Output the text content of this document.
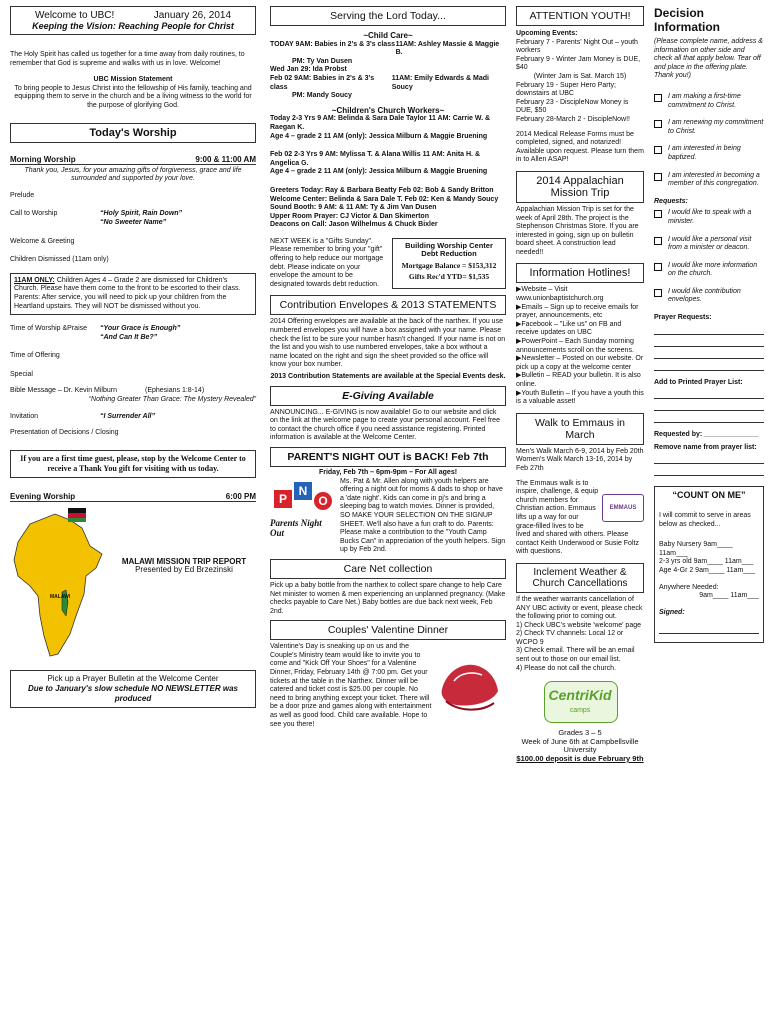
Welcome to UBC!	January 26, 2014
Keeping the Vision: Reaching People for Christ

The Holy Spirit has called us together for a time away from daily routines, to remember that God is supreme and walks with us in love. Welcome!

UBC Mission Statement

To bring people to Jesus Christ into the fellowship of His family, teaching and equipping them to serve in the church and be a living witness to the world for the purpose of glorifying God.

Today's Worship
Morning Worship	9:00 & 11:00 AM

Thank you, Jesus, for your amazing gifts of forgiveness, grace and life surrounded and supported by your love.

Prelude

Call to Worship	“Holy Spirit, Rain Down”

“No Sweeter Name”

Welcome & Greeting

Children Dismissed (11am only)

11AM ONLY: Children Ages 4 – Grade 2 are dismissed for Children's Church. Please have them come to the front to be escorted to their class. Parents: After service, you will need to pick up your children from the Heartland upstairs. They will NOT be dismissed without you.

Time of Worship &Praise	“Your Grace is Enough”

“And Can It Be?”

Time of Offering

Special

Bible Message – Dr. Kevin Milburn	(Ephesians 1:8-14)

“Nothing Greater Than Grace: The Mystery Revealed”

Invitation	“I Surrender All”

Presentation of Decisions / Closing

If you are a first time guest, please, stop by the Welcome Center to receive a Thank You gift for visiting with us today.

Evening Worship	6:00 PM
MALAWI

MALAWI MISSION TRIP REPORT

Presented by Ed Brzezinski

Pick up a Prayer Bulletin at the Welcome Center

Due to January's slow schedule NO NEWSLETTER was produced

Serving the Lord Today...

~Child Care~

TODAY 9AM: Babies in 2's & 3's class 11AM: Ashley Massie & Maggie B.
PM: Ty Van Dusen
Wed Jan 29: Ida Probst
Feb 02 9AM: Babies in 2's & 3's class
11AM: Emily Edwards & Madi Soucy
PM: Mandy Soucy

~Children's Church Workers~

Today 2-3 Yrs 9 AM: Belinda & Sara Dale Taylor 11 AM: Carrie W. & Raegan K.

Age 4 – grade 2 11 AM (only): Jessica Milburn & Maggie Bruening

Feb 02 2-3 Yrs 9 AM: Mylissa T. & Alana Willis 11 AM: Anita H. & Angelica G.

Age 4 – grade 2 11 AM (only): Jessica Milburn & Maggie Bruening

Greeters Today: Ray & Barbara Beatty Feb 02: Bob & Sandy Britton

Welcome Center: Belinda & Sara Dale T. Feb 02: Ken & Mandy Soucy

Sound Booth: 9 AM: & 11 AM: Ty & Jim Van Dusen

Upper Room Prayer: CJ Victor & Dan Skimerton

Deacons on Call: Jason Wilhelmus & Chuck Bixler

NEXT WEEK is a "Gifts Sunday". Please remember to bring your "gift" offering to help reduce our mortgage debt. Please indicate on your envelope the amount to be designated towards debt reduction.

Building Worship Center Debt Reduction

Mortgage Balance = $153,312

Gifts Rec'd YTD= $1,535

Contribution Envelopes & 2013 STATEMENTS

2014 Offering envelopes are available at the back of the narthex. If you use numbered envelopes you will have a box assigned with your name. Please check the list to be sure your number hasn't changed. If your name is not on the list and you wish to use numbered envelopes, take a box without a name located on the right and sign the sheet provided so the office will know your box number.

2013 Contribution Statements are available at the Special Events desk.

E-Giving Available

ANNOUNCING... E-GIVING is now available! Go to our website and click on the link at the welcome page to create your personal account. Feel free to contact the church office if you need assistance registering. Printed information is available at the Welcome Center.

PARENT'S NIGHT OUT is BACK! Feb 7th

Friday, Feb 7th – 6pm-9pm – For All ages!

P
N
O
Parents Night Out

Ms. Pat & Mr. Allen along with youth helpers are offering a night out for moms & dads to shop or have a 'date night'. Kids can come in pj's and bring a sleeping bag to watch movies. Dinner is provided, SO MAKE YOUR SELECTION ON THE SIGNUP SHEET. We'll also have a fun craft to do. Parents: Please make a contribution to the "Youth Camp Bucks Can" in appreciation of the youth helpers. Sign up by Feb 2nd.

Care Net collection

Pick up a baby bottle from the narthex to collect spare change to help Care Net minister to women & men experiencing an unplanned pregnancy. (Make checks payable to Care Net.) Baby bottles are due back next week, Feb 2nd.

Couples' Valentine Dinner

Valentine's Day is sneaking up on us and the Couple's Ministry team would like to invite you to come and "Kick Off Your Shoes" for a Valentine Dinner, Friday, February 14th @ 7:00 pm. Get your tickets at the table in the Narthex. Dinner will be catered and ticket cost is $25.00 per couple. No need to bring anything except your ticket. There will be a door prize and games along with entertainment as well as good food. Child care available. Hope to see you there!

ATTENTION YOUTH!

Upcoming Events:

February 7 - Parents' Night Out – youth workers

February 9 - Winter Jam Money is DUE, $40

(Winter Jam is Sat. March 15)

February 19 - Super Hero Party; downstairs at UBC

February 23 - DiscipleNow Money is DUE, $50

February 28-March 2 - DiscipleNow!!

2014 Medical Release Forms must be completed, signed, and notarized! Available upon request. Please turn them in to Allen ASAP!

2014 Appalachian Mission Trip

Appalachian Mission Trip is set for the week of April 28th. The project is the Stephenson Christmas Store. If you are interested in going, sign up on bulletin board sheet. A construction lead needed!!

Information Hotlines!

▶Website – Visit www.unionbaptistchurch.org

▶Emails – Sign up to receive emails for prayer, announcements, etc

▶Facebook – "Like us" on FB and receive updates on UBC

▶PowerPoint – Each Sunday morning announcements scroll on the screens.

▶Newsletter – Posted on our website. Or pick up a copy at the welcome center

▶Bulletin – READ your bulletin. It is also online.

▶Youth Bulletin – If you have a youth this is a valuable asset!

Walk to Emmaus in March

Men's Walk March 6-9, 2014 by Feb 20th

Women's Walk March 13-16, 2014 by Feb 27th

EMMAUS

The Emmaus walk is to inspire, challenge, & equip church members for Christian action. Emmaus lifts up a way for our grace-filled lives to be lived and shared with others. Please contact Keith Underwood or Susie Foltz with questions.

Inclement Weather & Church Cancellations

If the weather warrants cancellation of ANY UBC activity or event, please check the following prior to coming out.

1) Check UBC's website 'welcome' page

2) Check TV channels: Local 12 or WCPO 9

3) Check email. There will be an email sent out to those on our email list.

4) Please do not call the church.

CentriKid
camps

Grades 3 – 5

Week of June 6th at Campbellsville University

$100.00 deposit is due February 9th

Decision Information

(Please complete name, address & information on other side and check all that apply below. Tear off and place in the offering plate. Thank you!)

I am making a first-time commitment to Christ.
I am renewing my commitment to Christ.
I am interested in being baptized.
I am interested in becoming a member of this congregation.

Requests:

I would like to speak with a minister.
I would like a personal visit from a minister or deacon.
I would like more information on the church.
I would like contribution envelopes.

Prayer Requests:

Add to Printed Prayer List:

Requested by: ______________

Remove name from prayer list:

“COUNT ON ME”

I will commit to serve in areas below as checked...

Baby Nursery 9am____ 11am___

2-3 yrs old 9am____ 11am___

Age 4-Gr 2 9am____ 11am___

Anywhere Needed:

9am____ 11am___

Signed:
